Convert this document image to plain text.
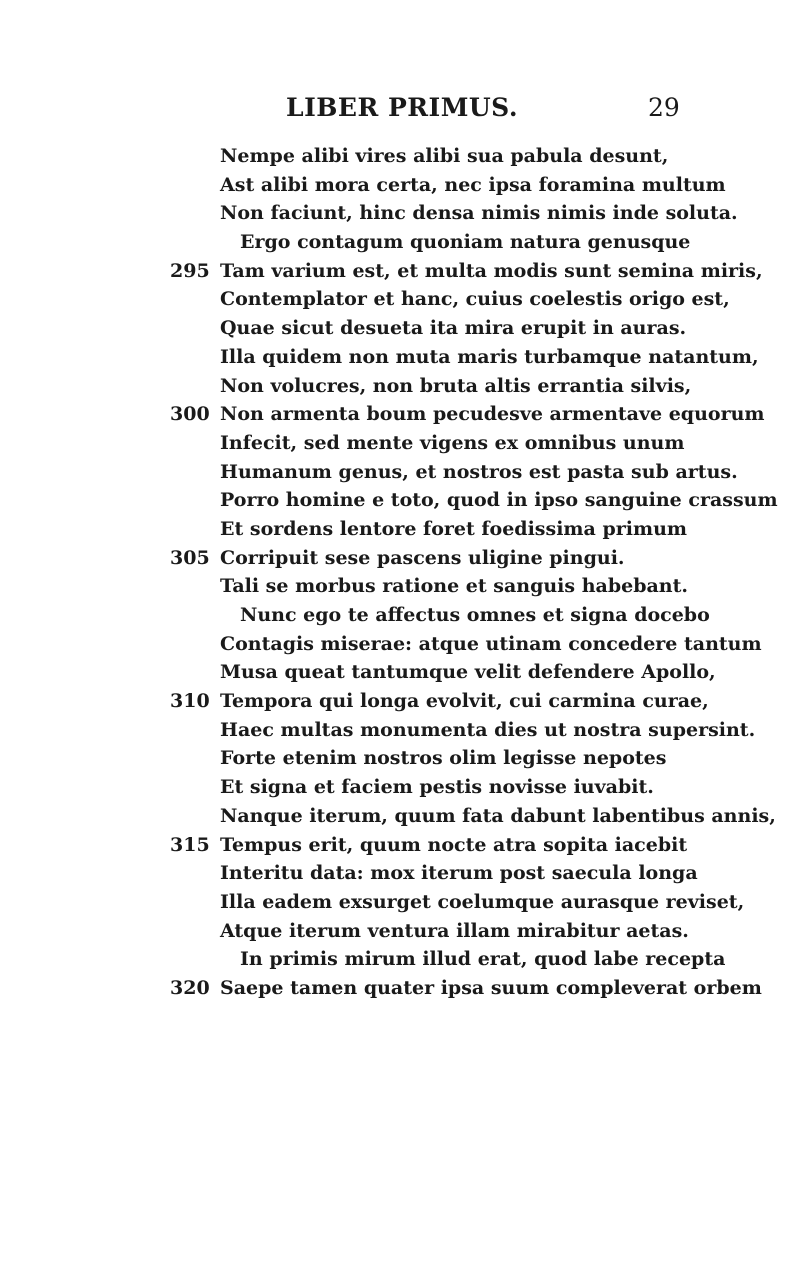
LIBER PRIMUS.	29
Nempe alibi vires alibi sua pabula desunt,
Ast alibi mora certa, nec ipsa foramina multum
Non faciunt, hinc densa nimis nimis inde soluta.
Ergo contagum quoniam natura genusque
295 Tam varium est, et multa modis sunt semina miris,
Contemplator et hanc, cuius coelestis origo est,
Quae sicut desueta ita mira erupit in auras.
Illa quidem non muta maris turbamque natantum,
Non volucres, non bruta altis errantia silvis,
300 Non armenta boum pecudesve armentave equorum
Infecit, sed mente vigens ex omnibus unum
Humanum genus, et nostros est pasta sub artus.
Porro homine e toto, quod in ipso sanguine crassum
Et sordens lentore foret foedissima primum
305 Corripuit sese pascens uligine pingui.
Tali se morbus ratione et sanguis habebant.
Nunc ego te affectus omnes et signa docebo
Contagis miserae: atque utinam concedere tantum
Musa queat tantumque velit defendere Apollo,
310 Tempora qui longa evolvit, cui carmina curae,
Haec multas monumenta dies ut nostra supersint.
Forte etenim nostros olim legisse nepotes
Et signa et faciem pestis novisse iuvabit.
Nanque iterum, quum fata dabunt labentibus annis,
315 Tempus erit, quum nocte atra sopita iacebit
Interitu data: mox iterum post saecula longa
Illa eadem exsurget coelumque aurasque reviset,
Atque iterum ventura illam mirabitur aetas.
In primis mirum illud erat, quod labe recepta
320 Saepe tamen quater ipsa suum compleverat orbem
